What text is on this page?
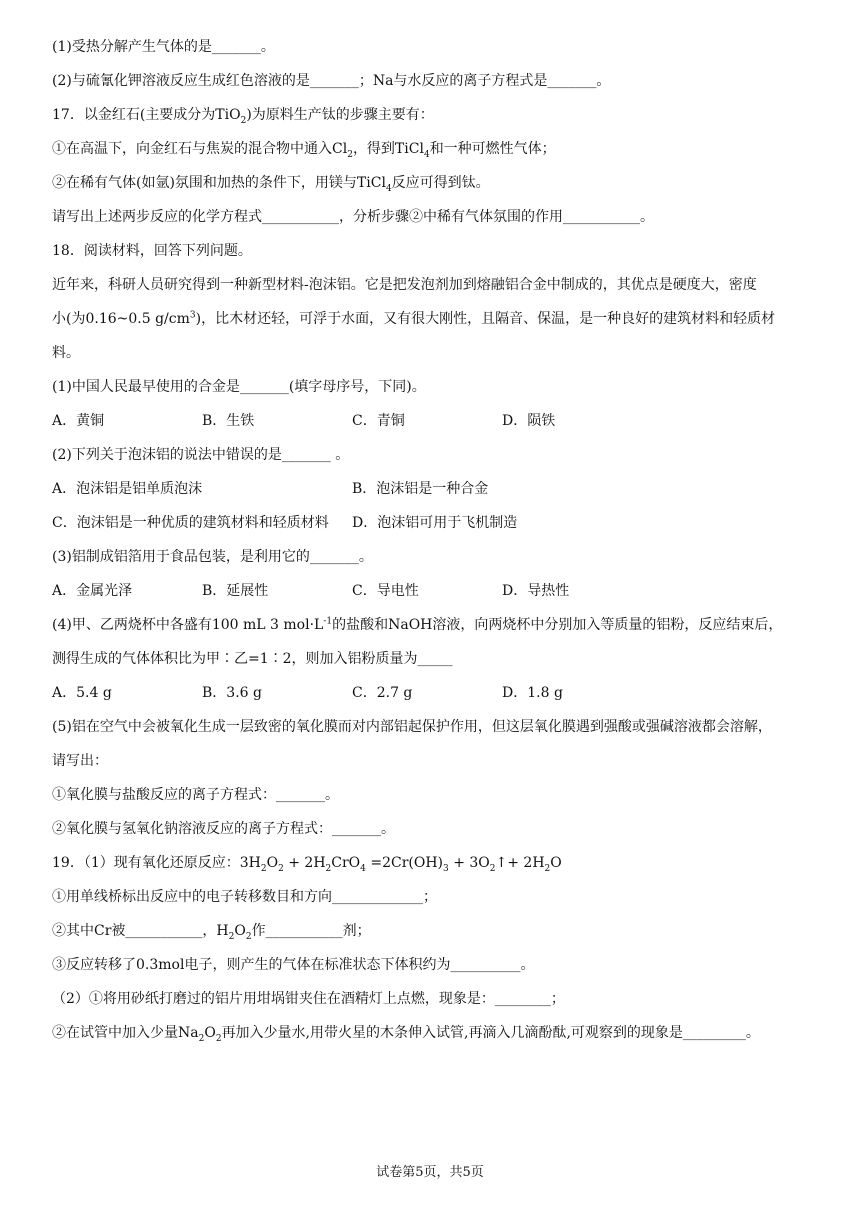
(1)受热分解产生气体的是_______。
(2)与硫氰化钾溶液反应生成红色溶液的是_______；Na与水反应的离子方程式是_______。
17．以金红石(主要成分为TiO$_2$)为原料生产钛的步骤主要有：
①在高温下，向金红石与焦炭的混合物中通入$Cl_2$，得到TiCl$_4$和一种可燃性气体；
②在稀有气体(如氩)氛围和加热的条件下，用镁与TiCl$_4$反应可得到钛。
请写出上述两步反应的化学方程式___________，分析步骤②中稀有气体氛围的作用___________。
18．阅读材料，回答下列问题。
近年来，科研人员研究得到一种新型材料-泡沫铝。它是把发泡剂加到熔融铝合金中制成的，其优点是硬度大，密度
小(为0.16~0.5 $g/cm^3$)，比木材还轻，可浮于水面，又有很大刚性，且隔音、保温，是一种良好的建筑材料和轻质材
料。
(1)中国人民最早使用的合金是_______(填字母序号，下同)。
A．黄铜	B．生铁	C．青铜	D．陨铁
(2)下列关于泡沫铝的说法中错误的是_______ 。
A．泡沫铝是铝单质泡沫	B．泡沫铝是一种合金
C．泡沫铝是一种优质的建筑材料和轻质材料 D．泡沫铝可用于飞机制造
(3)铝制成铝箔用于食品包装，是利用它的_______。
A．金属光泽	B．延展性	C．导电性	D．导热性
(4)甲、乙两烧杯中各盛有100 mL 3 $mol\cdot L^{-1}$的盐酸和NaOH溶液，向两烧杯中分别加入等质量的铝粉，反应结束后，
测得生成的气体体积比为甲∶乙=1∶2，则加入铝粉质量为_____
A．5.4 g	B．3.6 g	C．2.7 g	D．1.8 g
(5)铝在空气中会被氧化生成一层致密的氧化膜而对内部铝起保护作用，但这层氧化膜遇到强酸或强碱溶液都会溶解，
请写出：
①氧化膜与盐酸反应的离子方程式：_______。
②氧化膜与氢氧化钠溶液反应的离子方程式：_______。
19．（1）现有氧化还原反应：$3H_2O_2 + 2H_2CrO_4 =2Cr(OH)_3$ + $3O_2↑+ 2H_2O$
①用单线桥标出反应中的电子转移数目和方向_____________；
②其中Cr被___________，$H_2O_2$作___________剂；
③反应转移了0.3mol电子，则产生的气体在标准状态下体积约为__________。
（2）①将用砂纸打磨过的铝片用坩埚钳夹住在酒精灯上点燃，现象是：________；
②在试管中加入少量$Na_2O_2$再加入少量水,用带火星的木条伸入试管,再滴入几滴酚酞,可观察到的现象是_________。
试卷第5页，共5页
